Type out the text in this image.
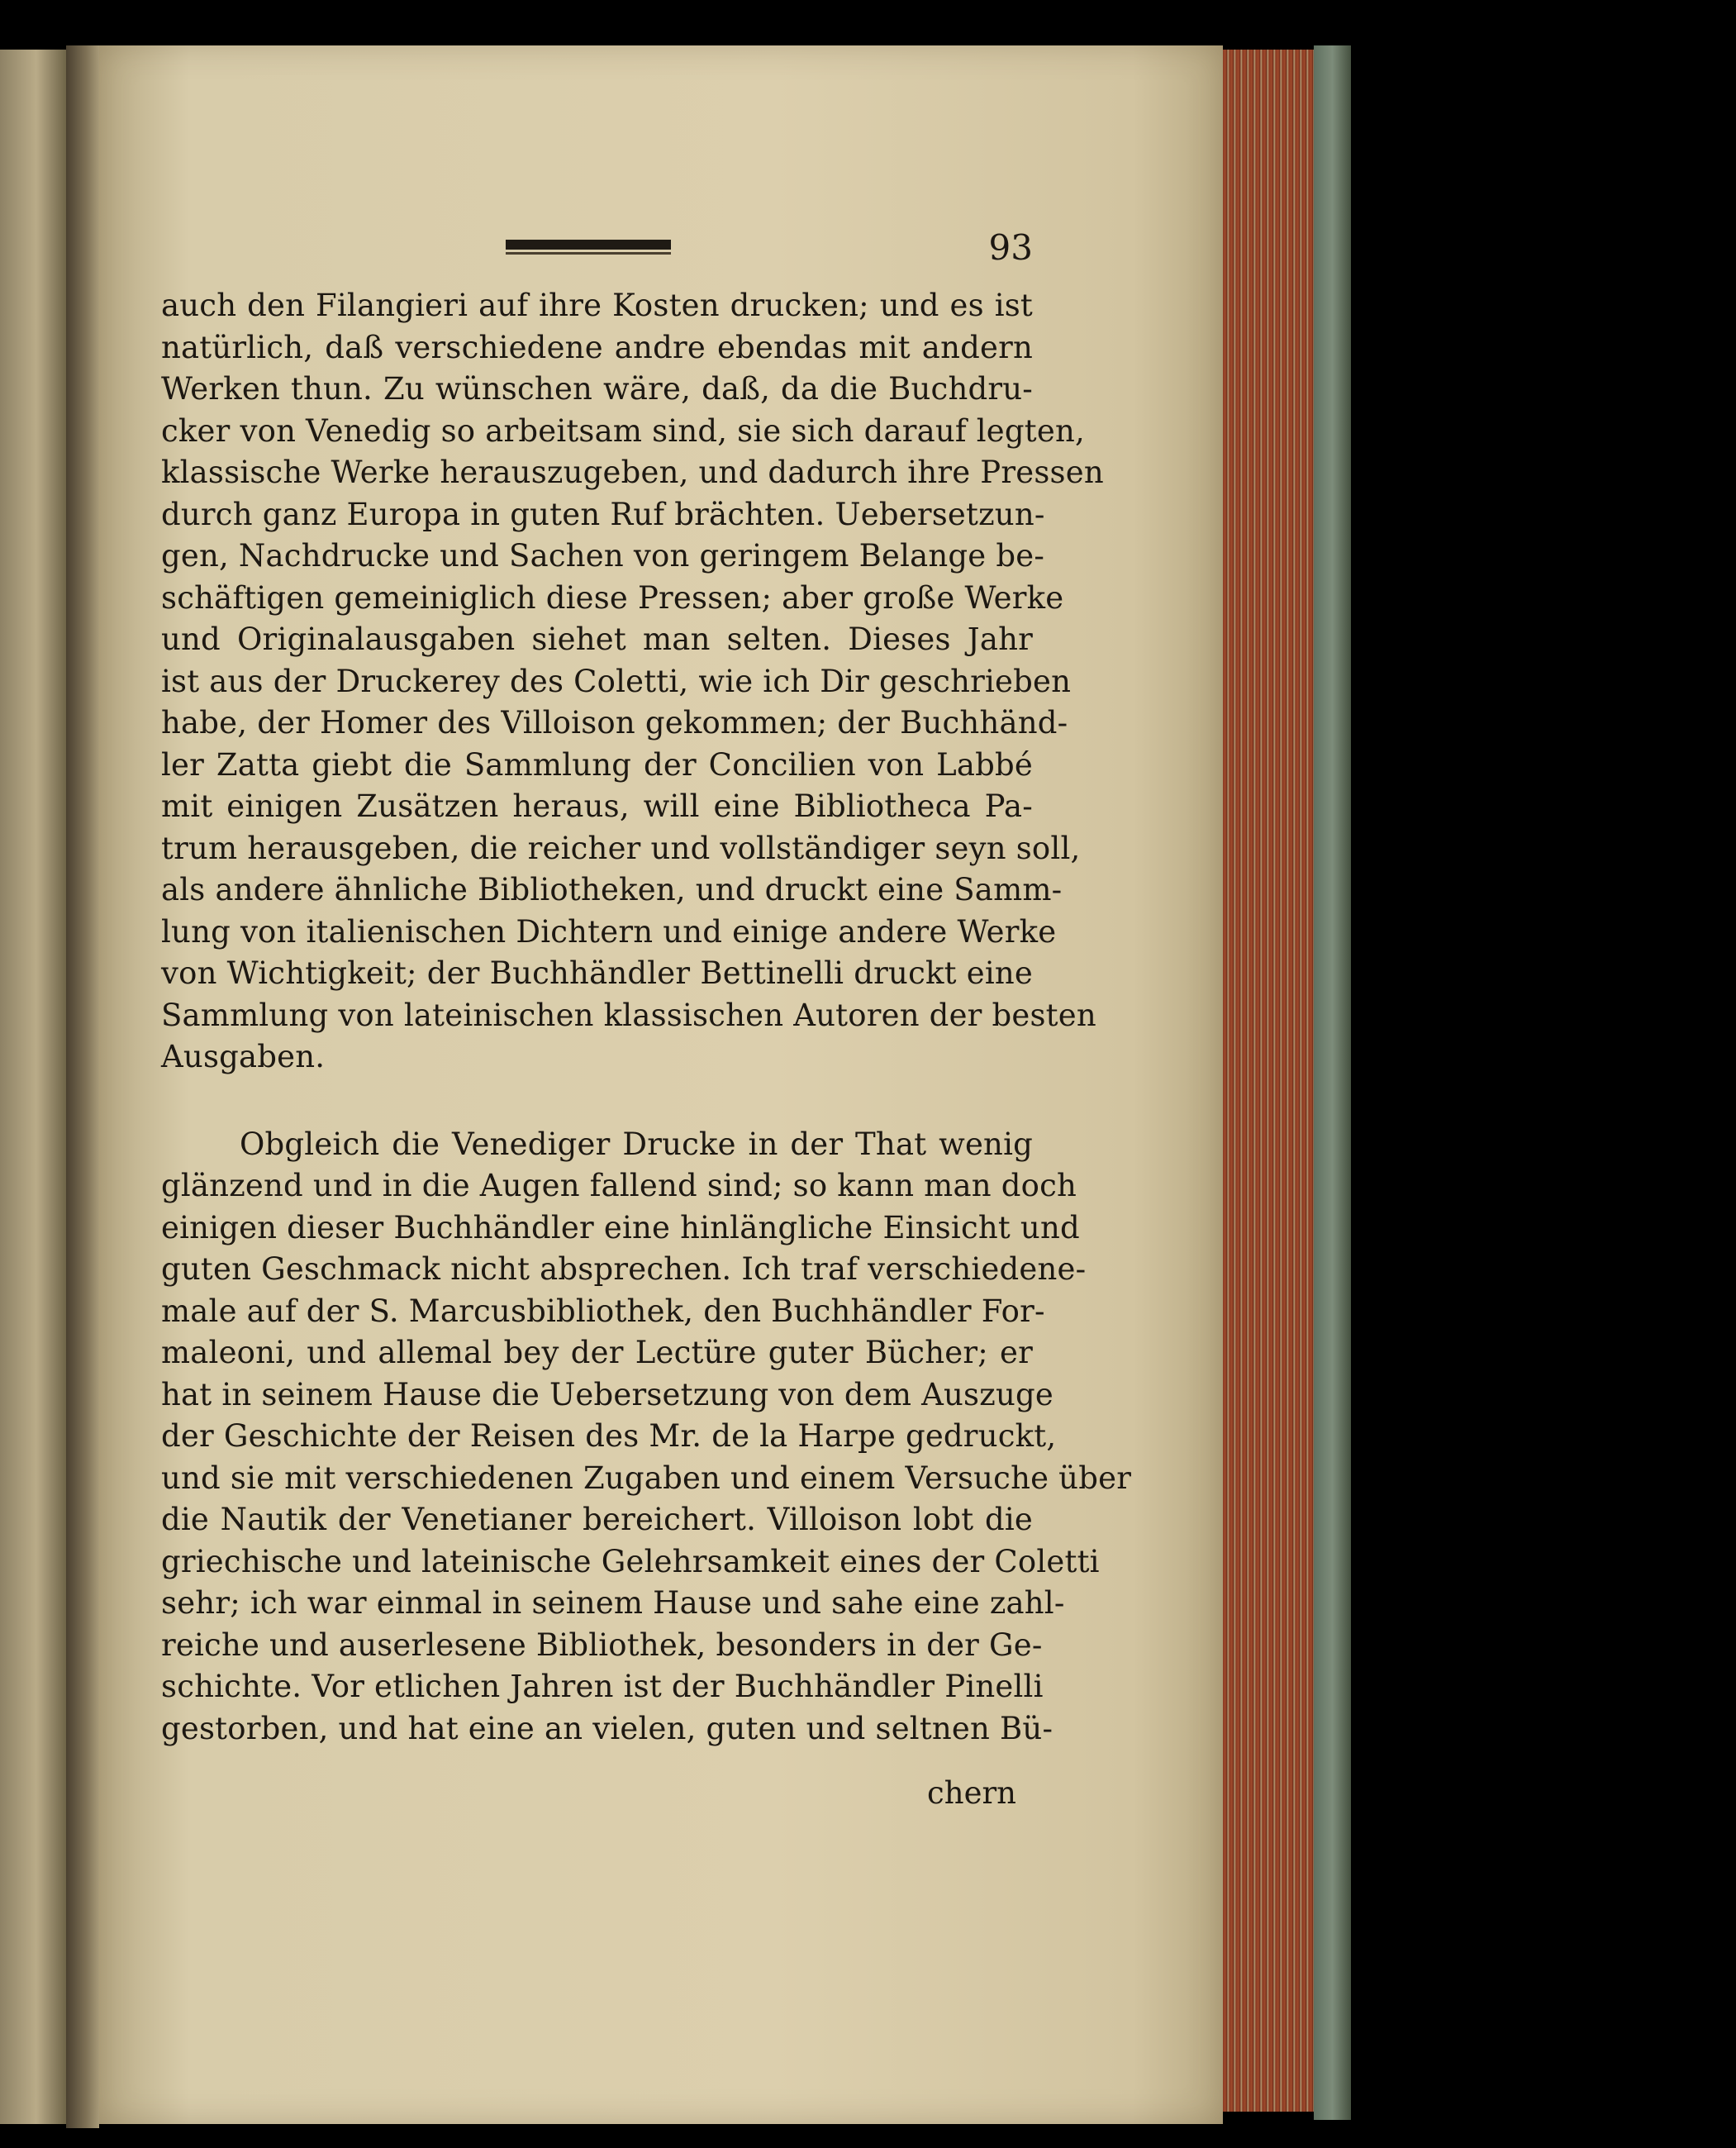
93
auch den Filangieri auf ihre Kosten drucken; und es ist
natürlich, daß verschiedene andre ebendas mit andern
Werken thun. Zu wünschen wäre, daß, da die Buchdru-
cker von Venedig so arbeitsam sind, sie sich darauf legten,
klassische Werke herauszugeben, und dadurch ihre Pressen
durch ganz Europa in guten Ruf brächten. Uebersetzun-
gen, Nachdrucke und Sachen von geringem Belange be-
schäftigen gemeiniglich diese Pressen; aber große Werke
und Originalausgaben siehet man selten. Dieses Jahr
ist aus der Druckerey des Coletti, wie ich Dir geschrieben
habe, der Homer des Villoison gekommen; der Buchhänd-
ler Zatta giebt die Sammlung der Concilien von Labbé
mit einigen Zusätzen heraus, will eine Bibliotheca Pa-
trum herausgeben, die reicher und vollständiger seyn soll,
als andere ähnliche Bibliotheken, und druckt eine Samm-
lung von italienischen Dichtern und einige andere Werke
von Wichtigkeit; der Buchhändler Bettinelli druckt eine
Sammlung von lateinischen klassischen Autoren der besten
Ausgaben.
Obgleich die Venediger Drucke in der That wenig
glänzend und in die Augen fallend sind; so kann man doch
einigen dieser Buchhändler eine hinlängliche Einsicht und
guten Geschmack nicht absprechen. Ich traf verschiedene-
male auf der S. Marcusbibliothek, den Buchhändler For-
maleoni, und allemal bey der Lectüre guter Bücher; er
hat in seinem Hause die Uebersetzung von dem Auszuge
der Geschichte der Reisen des Mr. de la Harpe gedruckt,
und sie mit verschiedenen Zugaben und einem Versuche über
die Nautik der Venetianer bereichert. Villoison lobt die
griechische und lateinische Gelehrsamkeit eines der Coletti
sehr; ich war einmal in seinem Hause und sahe eine zahl-
reiche und auserlesene Bibliothek, besonders in der Ge-
schichte. Vor etlichen Jahren ist der Buchhändler Pinelli
gestorben, und hat eine an vielen, guten und seltnen Bü-
chern
